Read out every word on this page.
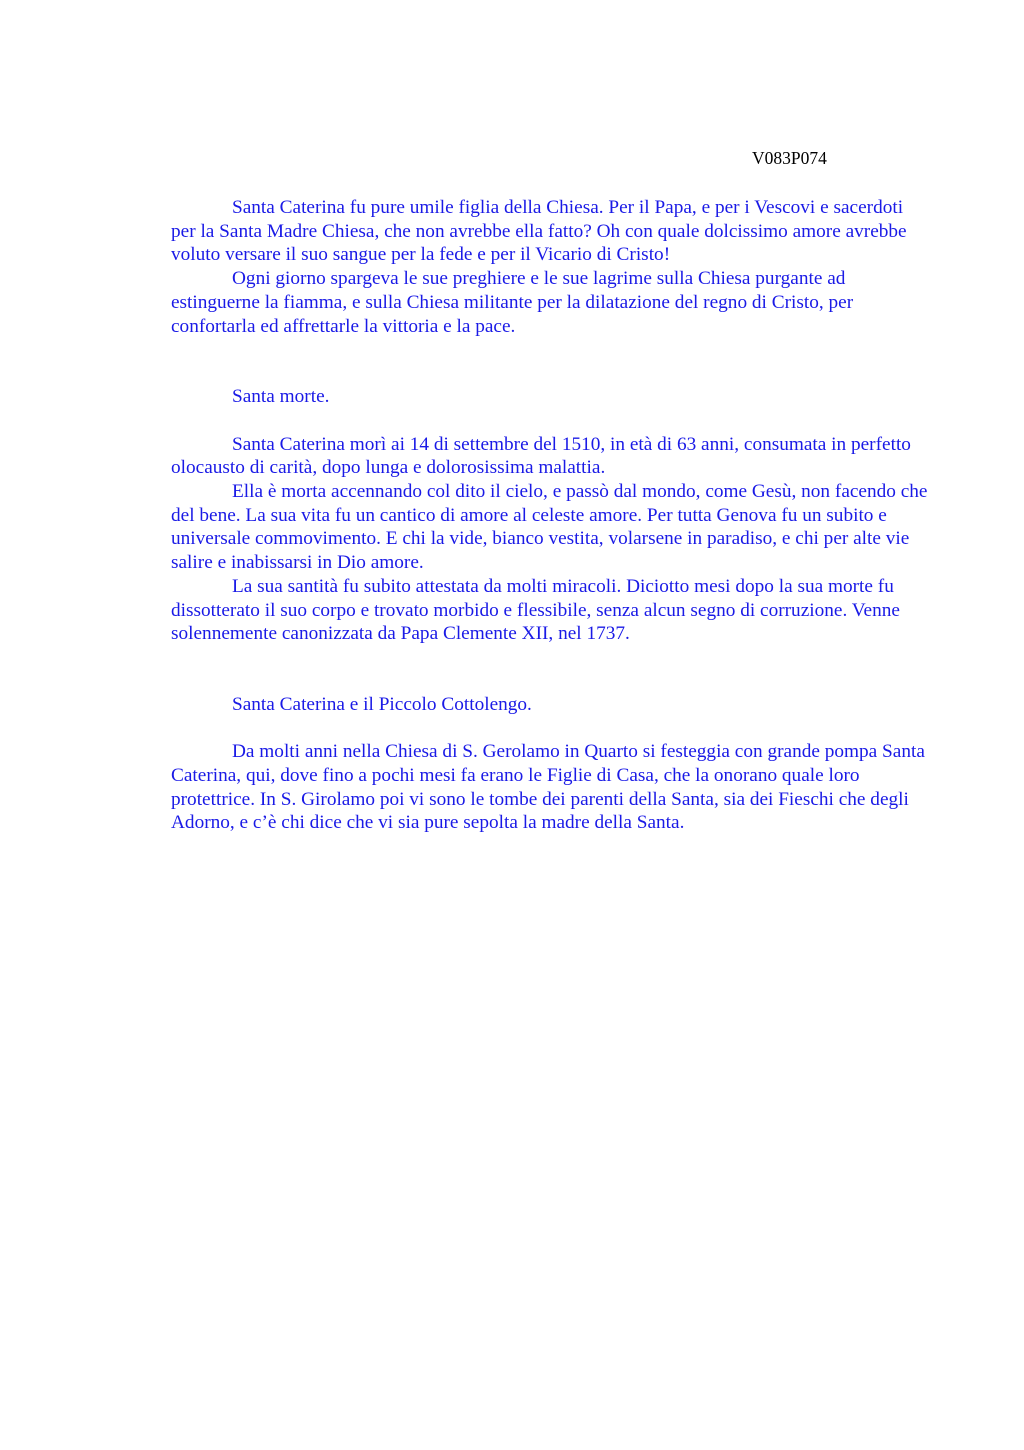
V083P074

Santa Caterina fu pure umile figlia della Chiesa. Per il Papa, e per i Vescovi e sacerdoti per la Santa Madre Chiesa, che non avrebbe ella fatto? Oh con quale dolcissimo amore avrebbe voluto versare il suo sangue per la fede e per il Vicario di Cristo!

Ogni giorno spargeva le sue preghiere e le sue lagrime sulla Chiesa purgante ad estinguerne la fiamma, e sulla Chiesa militante per la dilatazione del regno di Cristo, per confortarla ed affrettarle la vittoria e la pace.

Santa morte.

Santa Caterina morì ai 14 di settembre del 1510, in età di 63 anni, consumata in perfetto olocausto di carità, dopo lunga e dolorosissima malattia.

Ella è morta accennando col dito il cielo, e passò dal mondo, come Gesù, non facendo che del bene. La sua vita fu un cantico di amore al celeste amore. Per tutta Genova fu un subito e universale commovimento. E chi la vide, bianco vestita, volarsene in paradiso, e chi per alte vie salire e inabissarsi in Dio amore.

La sua santità fu subito attestata da molti miracoli. Diciotto mesi dopo la sua morte fu dissotterato il suo corpo e trovato morbido e flessibile, senza alcun segno di corruzione. Venne solennemente canonizzata da Papa Clemente XII, nel 1737.

Santa Caterina e il Piccolo Cottolengo.

Da molti anni nella Chiesa di S. Gerolamo in Quarto si festeggia con grande pompa Santa Caterina, qui, dove fino a pochi mesi fa erano le Figlie di Casa, che la onorano quale loro protettrice. In S. Girolamo poi vi sono le tombe dei parenti della Santa, sia dei Fieschi che degli Adorno, e c’è chi dice che vi sia pure sepolta la madre della Santa.
